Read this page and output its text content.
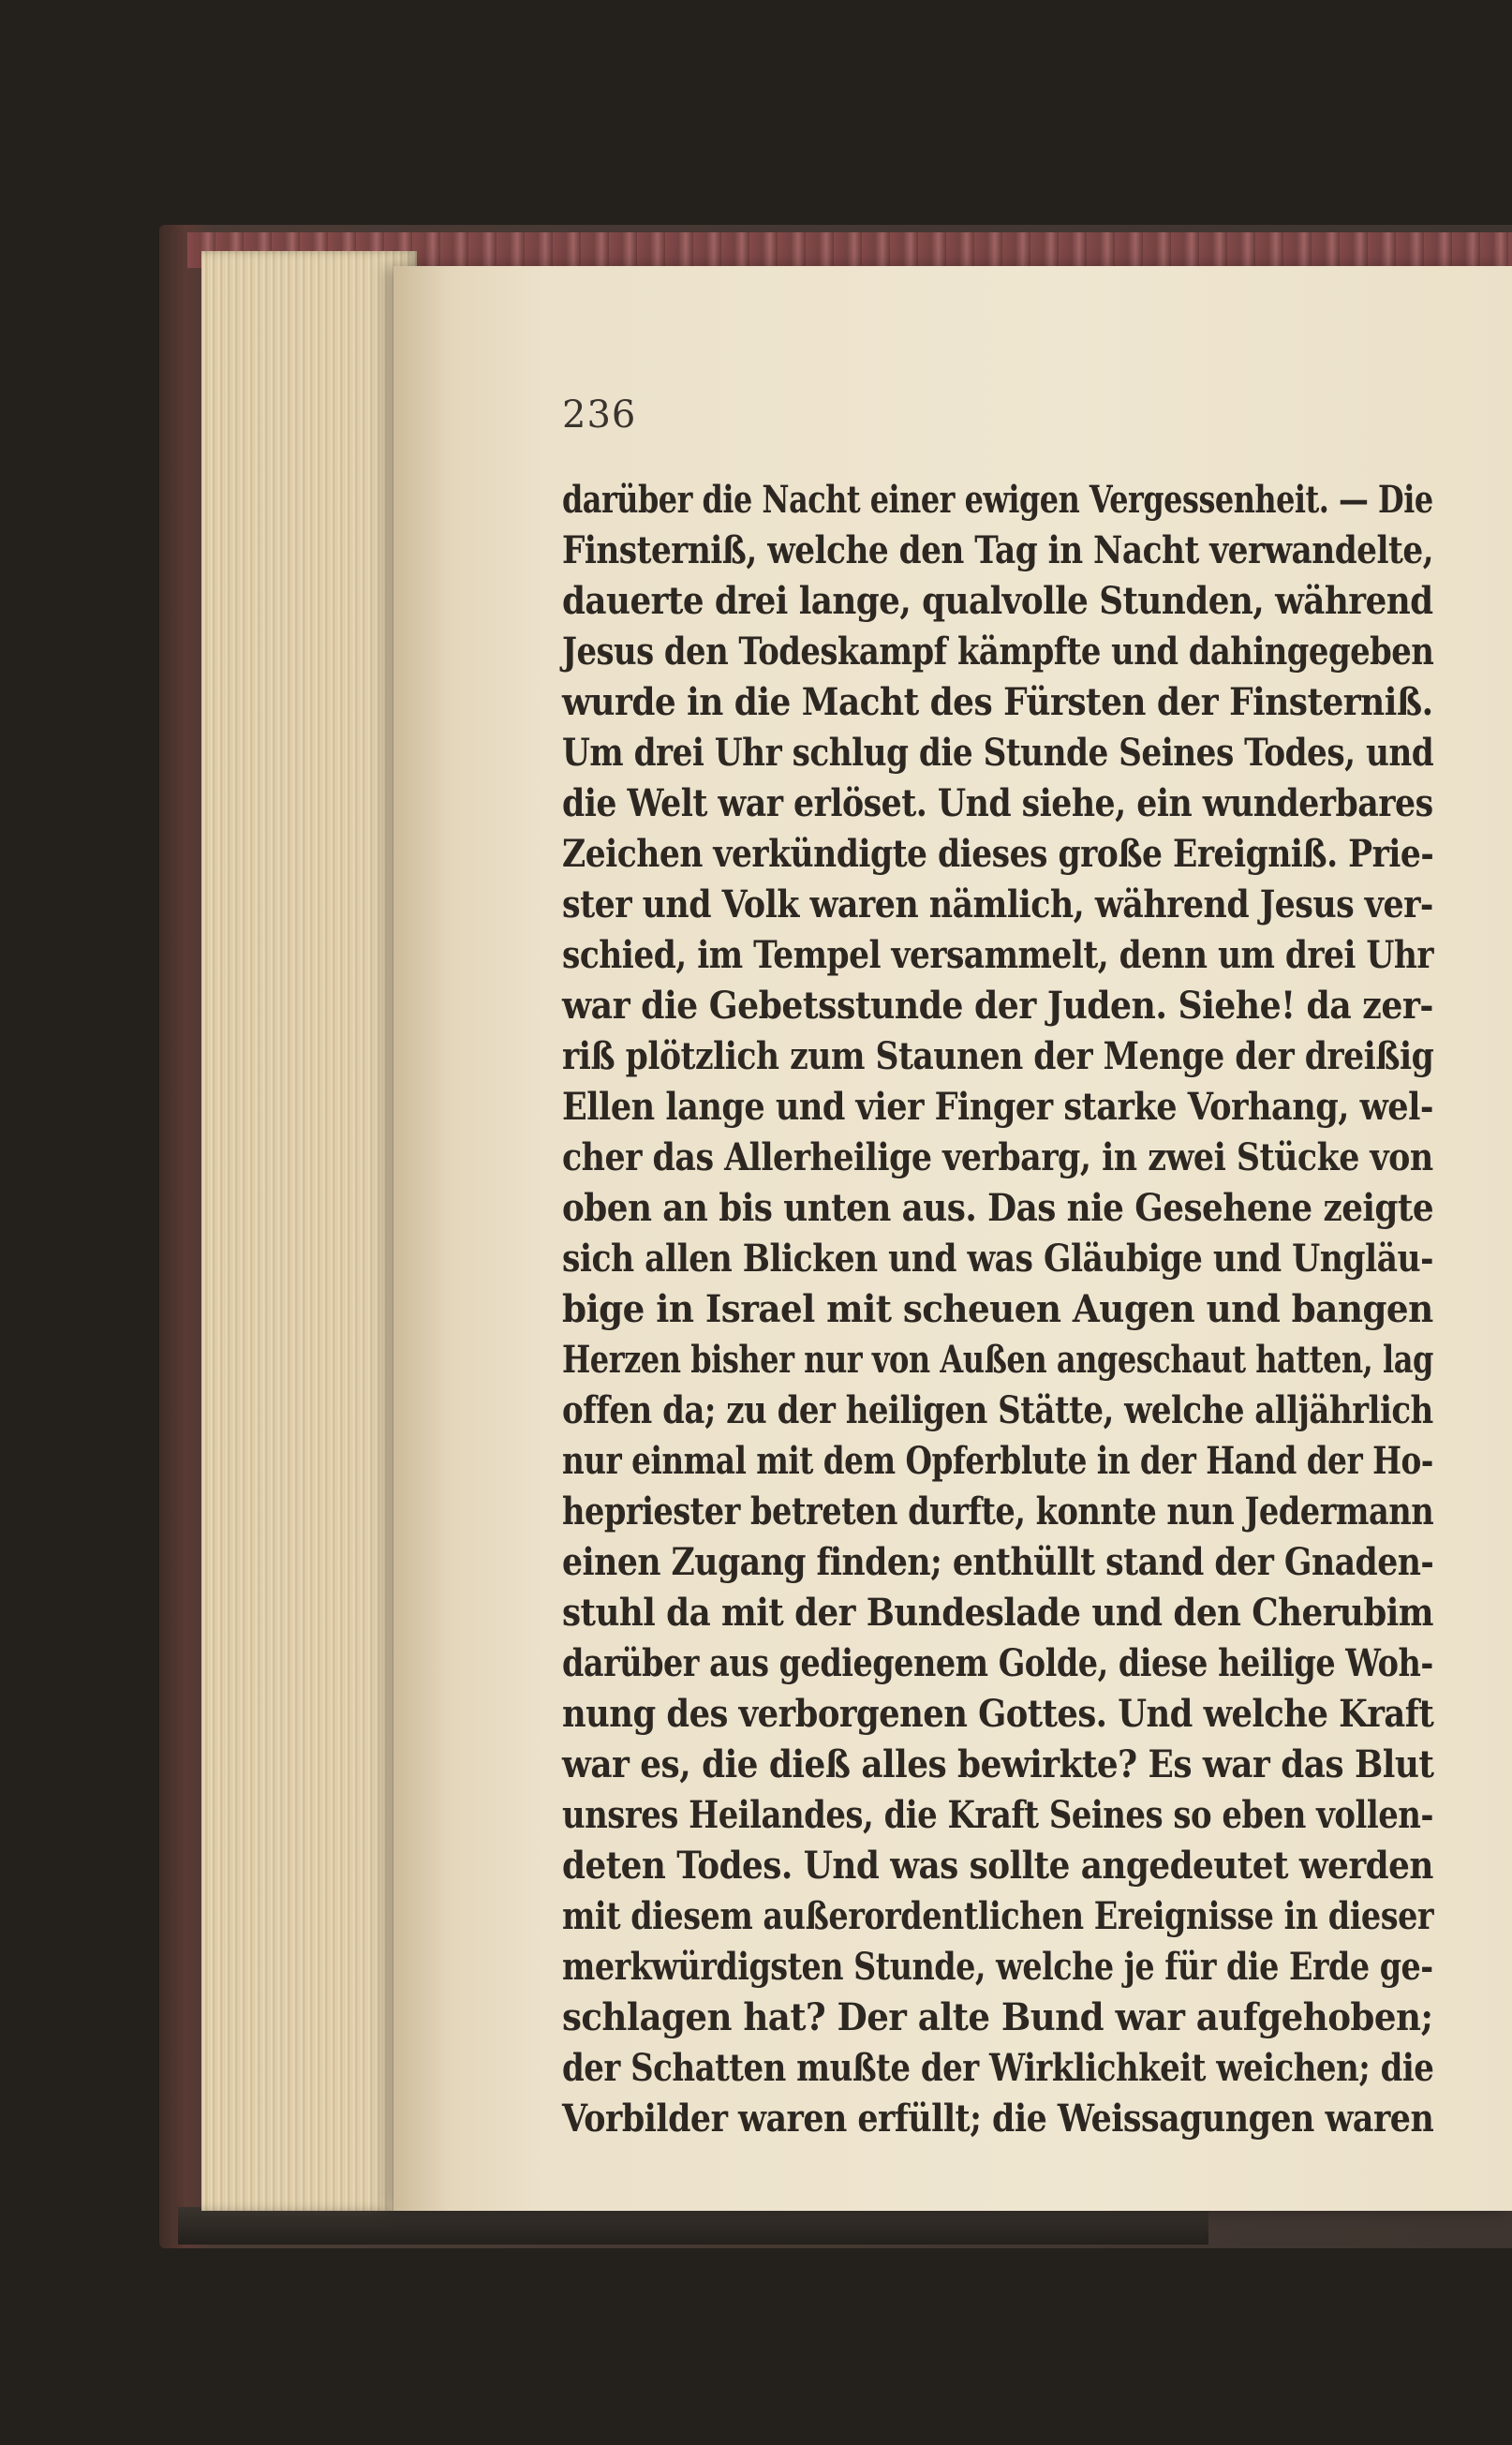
236
darüber die Nacht einer ewigen Vergessenheit. — Die
Finsterniß, welche den Tag in Nacht verwandelte,
dauerte drei lange, qualvolle Stunden, während
Jesus den Todeskampf kämpfte und dahingegeben
wurde in die Macht des Fürsten der Finsterniß.
Um drei Uhr schlug die Stunde Seines Todes, und
die Welt war erlöset. Und siehe, ein wunderbares
Zeichen verkündigte dieses große Ereigniß. Prie-
ster und Volk waren nämlich, während Jesus ver-
schied, im Tempel versammelt, denn um drei Uhr
war die Gebetsstunde der Juden. Siehe! da zer-
riß plötzlich zum Staunen der Menge der dreißig
Ellen lange und vier Finger starke Vorhang, wel-
cher das Allerheilige verbarg, in zwei Stücke von
oben an bis unten aus. Das nie Gesehene zeigte
sich allen Blicken und was Gläubige und Ungläu-
bige in Israel mit scheuen Augen und bangen
Herzen bisher nur von Außen angeschaut hatten, lag
offen da; zu der heiligen Stätte, welche alljährlich
nur einmal mit dem Opferblute in der Hand der Ho-
hepriester betreten durfte, konnte nun Jedermann
einen Zugang finden; enthüllt stand der Gnaden-
stuhl da mit der Bundeslade und den Cherubim
darüber aus gediegenem Golde, diese heilige Woh-
nung des verborgenen Gottes. Und welche Kraft
war es, die dieß alles bewirkte? Es war das Blut
unsres Heilandes, die Kraft Seines so eben vollen-
deten Todes. Und was sollte angedeutet werden
mit diesem außerordentlichen Ereignisse in dieser
merkwürdigsten Stunde, welche je für die Erde ge-
schlagen hat? Der alte Bund war aufgehoben;
der Schatten mußte der Wirklichkeit weichen; die
Vorbilder waren erfüllt; die Weissagungen waren
